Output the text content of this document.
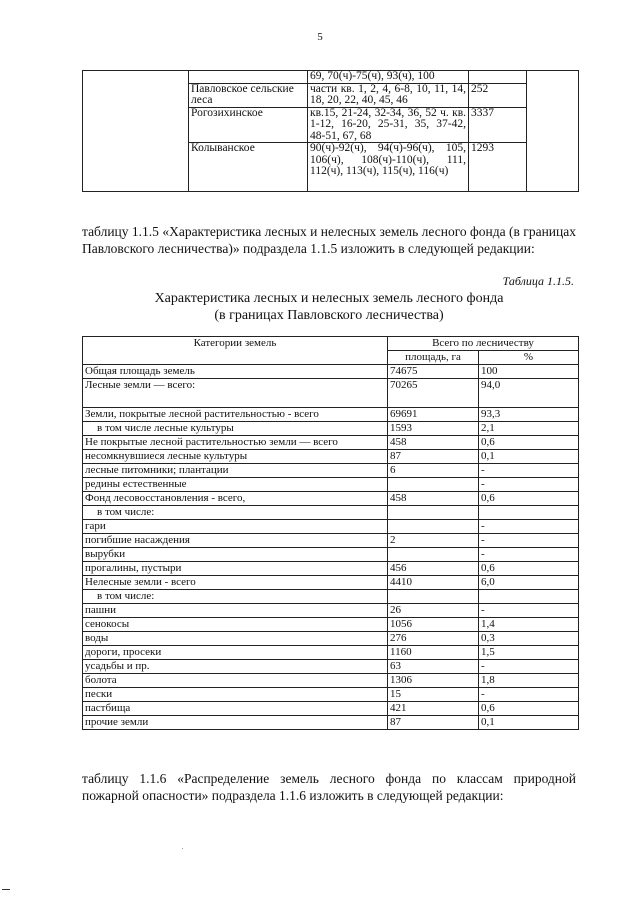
5
		69, 70(ч)-75(ч), 93(ч), 100		
	Павловское сельские леса	части кв. 1, 2, 4, 6-8, 10, 11, 14, 18, 20, 22, 40, 45, 46	252	
	Рогозихинское	кв.15, 21-24, 32-34, 36, 52 ч. кв. 1-12, 16-20, 25-31, 35, 37-42, 48-51, 67, 68	3337	
	Колыванское	90(ч)-92(ч), 94(ч)-96(ч), 105, 106(ч), 108(ч)-110(ч), 111, 112(ч), 113(ч), 115(ч), 116(ч)	1293	
таблицу 1.1.5 «Характеристика лесных и нелесных земель лесного фонда (в границах Павловского лесничества)» подраздела 1.1.5 изложить в следующей редакции:
Таблица 1.1.5.
Характеристика лесных и нелесных земель лесного фонда
(в границах Павловского лесничества)
Категории земель	Всего по лесничеству	
	площадь, га	%
Общая площадь земель	74675	100
Лесные земли — всего:	70265	94,0
Земли, покрытые лесной растительностью - всего	69691	93,3
в том числе лесные культуры	1593	2,1
Не покрытые лесной растительностью земли — всего	458	0,6
несомкнувшиеся лесные культуры	87	0,1
лесные питомники; плантации	6	-
редины естественные		-
Фонд лесовосстановления - всего,	458	0,6
в том числе:		
гари		-
погибшие насаждения	2	-
вырубки		-
прогалины, пустыри	456	0,6
Нелесные земли - всего	4410	6,0
в том числе:		
пашни	26	-
сенокосы	1056	1,4
воды	276	0,3
дороги, просеки	1160	1,5
усадьбы и пр.	63	-
болота	1306	1,8
пески	15	-
пастбища	421	0,6
прочие земли	87	0,1
таблицу 1.1.6 «Распределение земель лесного фонда по классам природной пожарной опасности» подраздела 1.1.6 изложить в следующей редакции:
